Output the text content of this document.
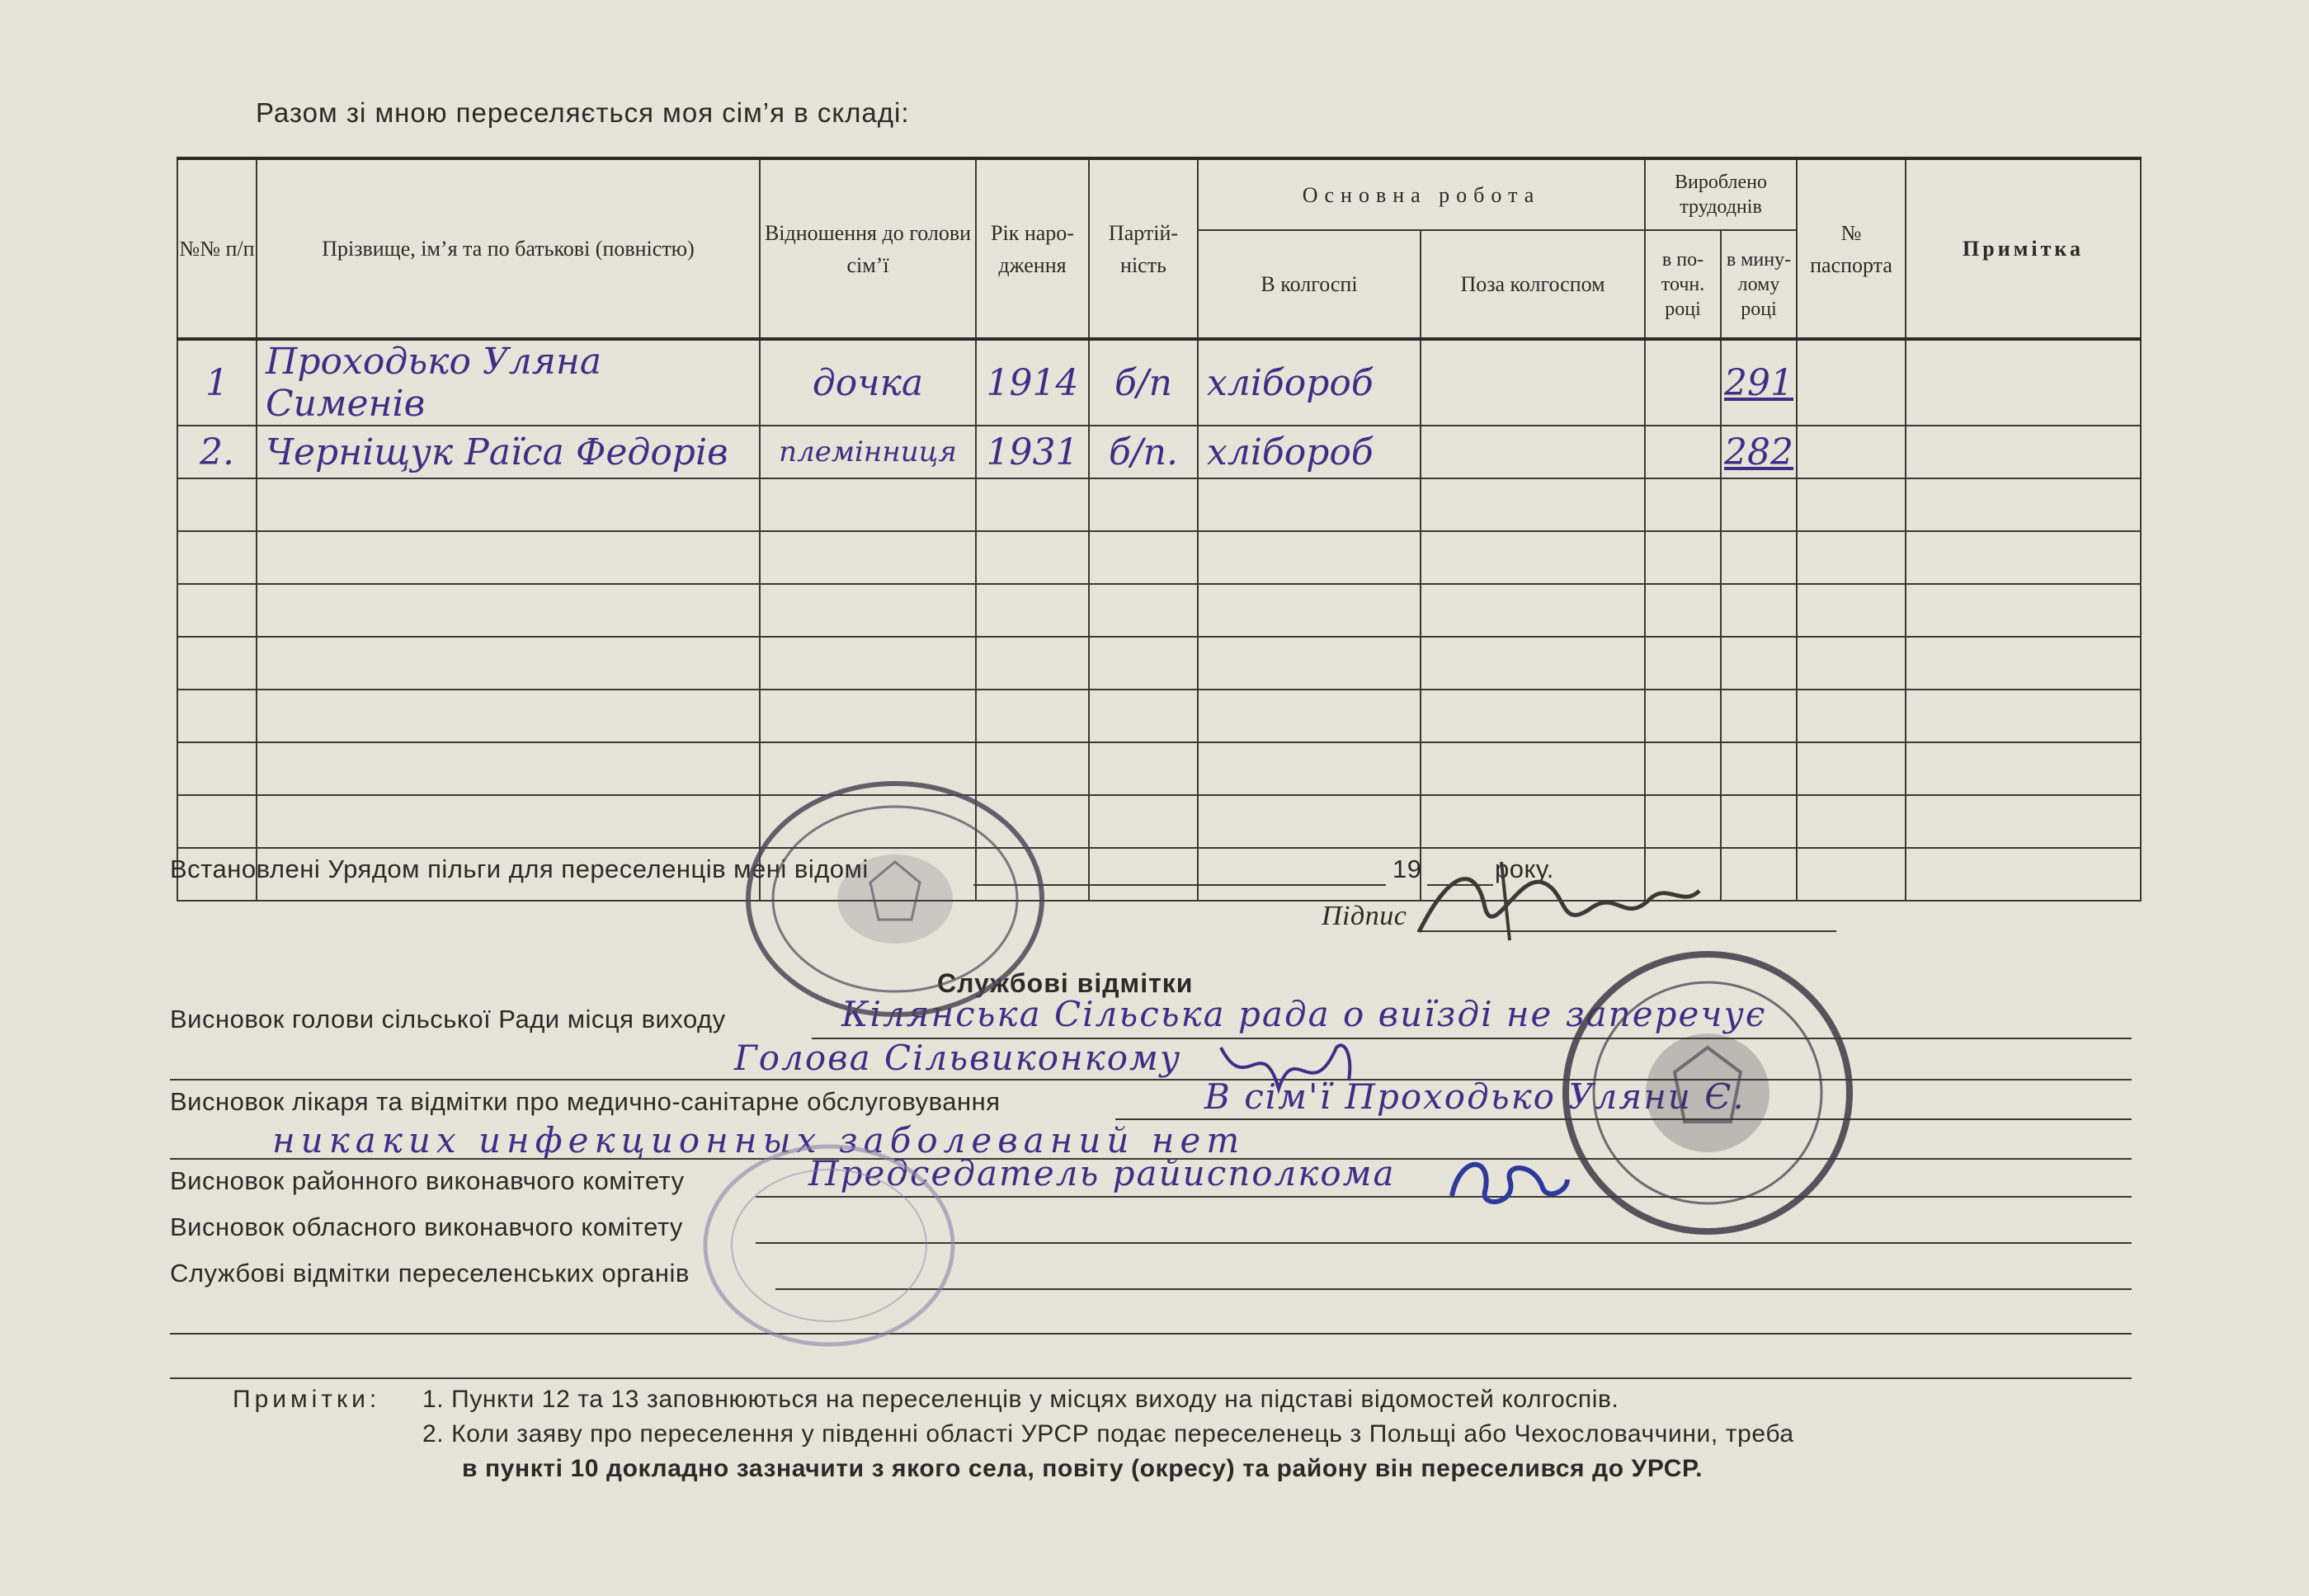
Разом зі мною переселяється моя сім’я в складі:
№№ п/п	Прізвище, ім’я та по батькові (повністю)	Відношення до голови сім’ї	Рік наро-дження	Партій-ність	Основна робота		Вироблено трудоднів		№ паспорта	Примітка
					В колгоспі	Поза колгоспом	в по-точн. році	в мину-лому році		
1	Проходько Уляна Сименів	дочка	1914	б/п	хлібороб			291		
2.	Черніщук Раїса Федорів	племінниця	1931	б/п.	хлібороб			282		

Встановлені Урядом пільги для переселенців мені відомі	19	року.
Підпис
Службові відмітки
Висновок голови сільської Ради місця виходу	Кілянська Сільська рада о виїзді не заперечує
Голова Сільвиконкому
Висновок лікаря та відмітки про медично-санітарне обслуговування	В сім'ї Проходько Уляни Є.
никаких инфекционных заболеваний нет
Висновок районного виконавчого комітету	Председатель райисполкома
Висновок обласного виконавчого комітету
Службові відмітки переселенських органів
Примітки: 1. Пункти 12 та 13 заповнюються на переселенців у місцях виходу на підставі відомостей колгоспів.
2. Коли заяву про переселення у південні області УРСР подає переселенець з Польщі або Чехословаччини, треба
в пункті 10 докладно зазначити з якого села, повіту (окресу) та району він переселився до УРСР.
